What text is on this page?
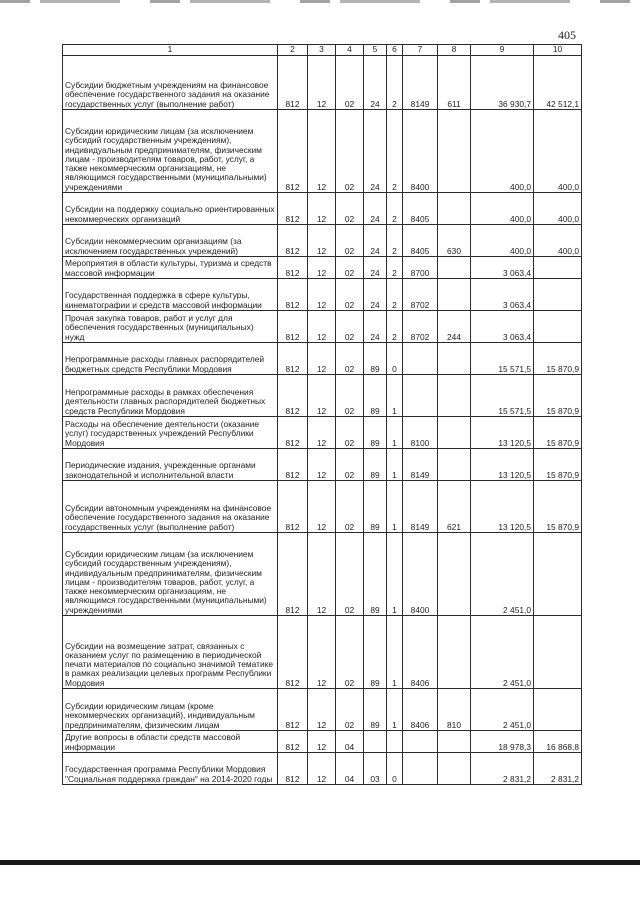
405
1	2	3	4	5	6	7	8	9	10
Субсидии бюджетным учреждениям на финансовое обеспечение государственного задания на оказание государственных услуг (выполнение работ)	812	12	02	24	2	8149	611	36 930,7	42 512,1
Субсидии юридическим лицам (за исключением субсидий государственным учреждениям), индивидуальным предпринимателям, физическим лицам - производителям товаров, работ, услуг, а также некоммерческим организациям, не являющимся государственными (муниципальными) учреждениями	812	12	02	24	2	8400		400,0	400,0
Субсидии на поддержку социально ориентированных некоммерческих организаций	812	12	02	24	2	8405		400,0	400,0
Субсидии некоммерческим организациям (за исключением государственных учреждений)	812	12	02	24	2	8405	630	400,0	400,0
Мероприятия в области культуры, туризма и средств массовой информации	812	12	02	24	2	8700		3 063,4	
Государственная поддержка в сфере культуры, кинематографии и средств массовой информации	812	12	02	24	2	8702		3 063,4	
Прочая закупка товаров, работ и услуг для обеспечения государственных (муниципальных) нужд	812	12	02	24	2	8702	244	3 063,4	
Непрограммные расходы главных распорядителей бюджетных средств Республики Мордовия	812	12	02	89	0			15 571,5	15 870,9
Непрограммные расходы в рамках обеспечения деятельности главных распорядителей бюджетных средств Республики Мордовия	812	12	02	89	1			15 571,5	15 870,9
Расходы на обеспечение деятельности (оказание услуг) государственных учреждений Республики Мордовия	812	12	02	89	1	8100		13 120,5	15 870,9
Периодические издания, учрежденные органами законодательной и исполнительной власти	812	12	02	89	1	8149		13 120,5	15 870,9
Субсидии автономным учреждениям на финансовое обеспечение государственного задания на оказание государственных услуг (выполнение работ)	812	12	02	89	1	8149	621	13 120,5	15 870,9
Субсидии юридическим лицам (за исключением субсидий государственным учреждениям), индивидуальным предпринимателям, физическим лицам - производителям товаров, работ, услуг, а также некоммерческим организациям, не являющимся государственными (муниципальными) учреждениями	812	12	02	89	1	8400		2 451,0	
Субсидии на возмещение затрат, связанных с оказанием услуг по размещению в периодической печати материалов по социально значимой тематике в рамках реализации целевых программ Республики Мордовия	812	12	02	89	1	8406		2 451,0	
Субсидии юридическим лицам (кроме некоммерческих организаций), индивидуальным предпринимателям, физическим лицам	812	12	02	89	1	8406	810	2 451,0	
Другие вопросы в области средств массовой информации	812	12	04					18 978,3	16 868,8
Государственная программа Республики Мордовия "Социальная поддержка граждан" на 2014-2020 годы	812	12	04	03	0			2 831,2	2 831,2
